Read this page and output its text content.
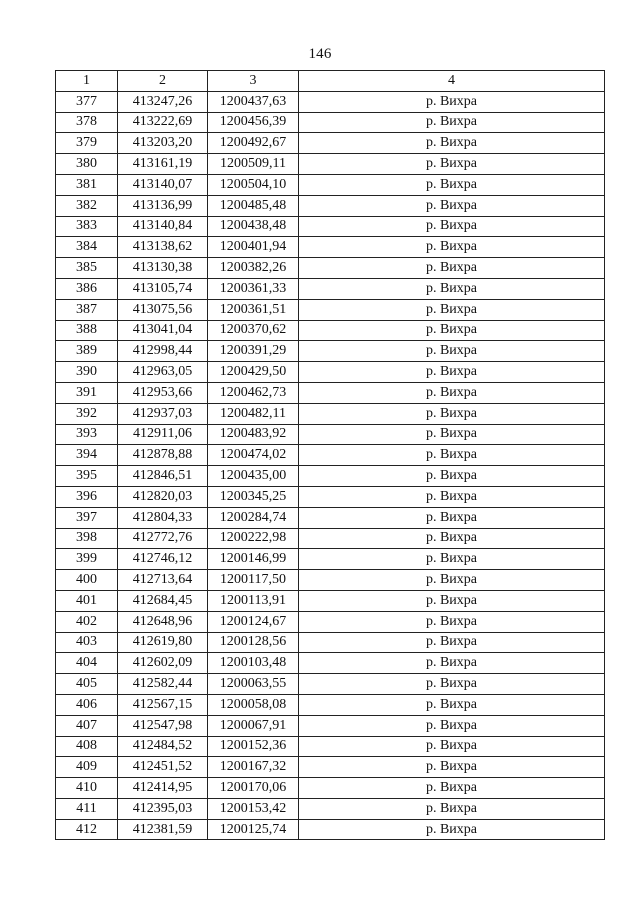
146
1	2	3	4
377	413247,26	1200437,63	р. Вихра
378	413222,69	1200456,39	р. Вихра
379	413203,20	1200492,67	р. Вихра
380	413161,19	1200509,11	р. Вихра
381	413140,07	1200504,10	р. Вихра
382	413136,99	1200485,48	р. Вихра
383	413140,84	1200438,48	р. Вихра
384	413138,62	1200401,94	р. Вихра
385	413130,38	1200382,26	р. Вихра
386	413105,74	1200361,33	р. Вихра
387	413075,56	1200361,51	р. Вихра
388	413041,04	1200370,62	р. Вихра
389	412998,44	1200391,29	р. Вихра
390	412963,05	1200429,50	р. Вихра
391	412953,66	1200462,73	р. Вихра
392	412937,03	1200482,11	р. Вихра
393	412911,06	1200483,92	р. Вихра
394	412878,88	1200474,02	р. Вихра
395	412846,51	1200435,00	р. Вихра
396	412820,03	1200345,25	р. Вихра
397	412804,33	1200284,74	р. Вихра
398	412772,76	1200222,98	р. Вихра
399	412746,12	1200146,99	р. Вихра
400	412713,64	1200117,50	р. Вихра
401	412684,45	1200113,91	р. Вихра
402	412648,96	1200124,67	р. Вихра
403	412619,80	1200128,56	р. Вихра
404	412602,09	1200103,48	р. Вихра
405	412582,44	1200063,55	р. Вихра
406	412567,15	1200058,08	р. Вихра
407	412547,98	1200067,91	р. Вихра
408	412484,52	1200152,36	р. Вихра
409	412451,52	1200167,32	р. Вихра
410	412414,95	1200170,06	р. Вихра
411	412395,03	1200153,42	р. Вихра
412	412381,59	1200125,74	р. Вихра
